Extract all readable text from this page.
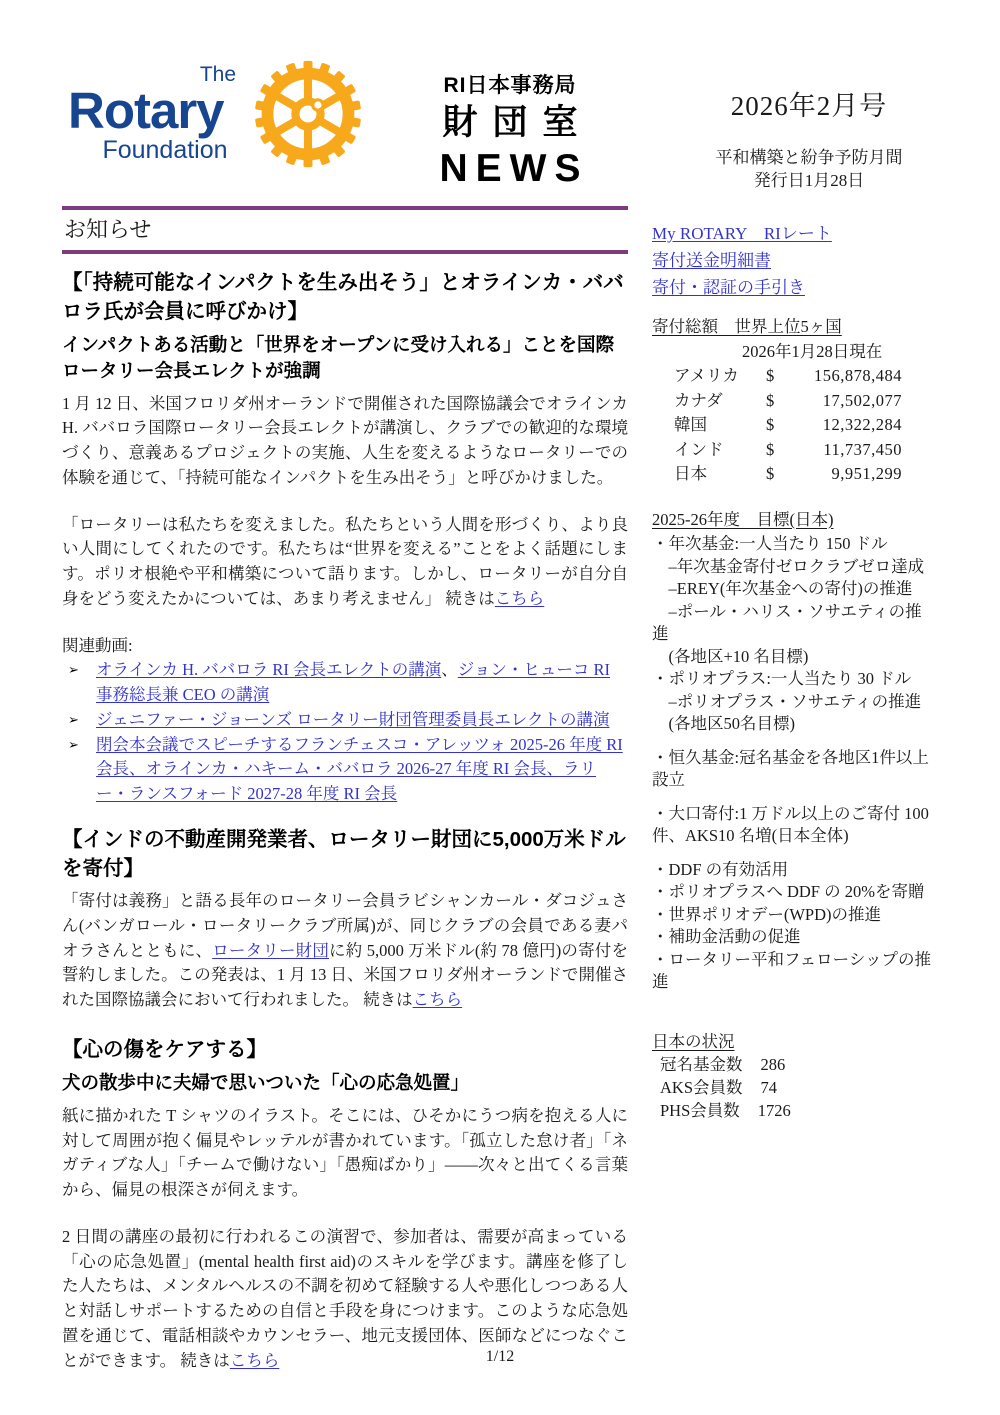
The
Rotary
Foundation
RI日本事務局
財団室
NEWS
2026年2月号
平和構築と紛争予防月間
発行日1月28日
お知らせ
【「持続可能なインパクトを生み出そう」とオラインカ・ババロラ氏が会員に呼びかけ】
インパクトある活動と「世界をオープンに受け入れる」ことを国際ロータリー会長エレクトが強調

1 月 12 日、米国フロリダ州オーランドで開催された国際協議会でオラインカ H. ババロラ国際ロータリー会長エレクトが講演し、クラブでの歓迎的な環境づくり、意義あるプロジェクトの実施、人生を変えるようなロータリーでの体験を通じて、「持続可能なインパクトを生み出そう」と呼びかけました。

「ロータリーは私たちを変えました。私たちという人間を形づくり、より良い人間にしてくれたのです。私たちは“世界を変える”ことをよく話題にします。ポリオ根絶や平和構築について語ります。しかし、ロータリーが自分自身をどう変えたかについては、あまり考えません」 続きはこちら

関連動画:

➢	オラインカ H. ババロラ RI 会長エレクトの講演、ジョン・ヒューコ RI 事務総長兼 CEO の講演
➢	ジェニファー・ジョーンズ ロータリー財団管理委員長エレクトの講演
➢	閉会本会議でスピーチするフランチェスコ・アレッツォ 2025-26 年度 RI 会長、オラインカ・ハキーム・ババロラ 2026-27 年度 RI 会長、ラリー・ランスフォード 2027-28 年度 RI 会長
【インドの不動産開発業者、ロータリー財団に5,000万米ドルを寄付】

「寄付は義務」と語る長年のロータリー会員ラビシャンカール・ダコジュさん(バンガロール・ロータリークラブ所属)が、同じクラブの会員である妻パオラさんとともに、ロータリー財団に約 5,000 万米ドル(約 78 億円)の寄付を誓約しました。この発表は、1 月 13 日、米国フロリダ州オーランドで開催された国際協議会において行われました。 続きはこちら

【心の傷をケアする】
犬の散歩中に夫婦で思いついた「心の応急処置」

紙に描かれた T シャツのイラスト。そこには、ひそかにうつ病を抱える人に対して周囲が抱く偏見やレッテルが書かれています。「孤立した怠け者」「ネガティブな人」「チームで働けない」「愚痴ばかり」――次々と出てくる言葉から、偏見の根深さが伺えます。

2 日間の講座の最初に行われるこの演習で、参加者は、需要が高まっている「心の応急処置」(mental health first aid)のスキルを学びます。講座を修了した人たちは、メンタルヘルスの不調を初めて経験する人や悪化しつつある人と対話しサポートするための自信と手段を身につけます。このような応急処置を通じて、電話相談やカウンセラー、地元支援団体、医師などにつなぐことができます。 続きはこちら

My ROTARY　RIレート
寄付送金明細書
寄付・認証の手引き
寄付総額　世界上位5ヶ国
2026年1月28日現在
アメリカ	$	156,878,484
カナダ	$	17,502,077
韓国	$	12,322,284
インド	$	11,737,450
日本	$	9,951,299
2025-26年度　目標(日本)
・年次基金:一人当たり 150 ドル
　–年次基金寄付ゼロクラブゼロ達成
　–EREY(年次基金への寄付)の推進
　–ポール・ハリス・ソサエティの推進
　(各地区+10 名目標)
・ポリオプラス:一人当たり 30 ドル
　–ポリオプラス・ソサエティの推進
　(各地区50名目標)
・恒久基金:冠名基金を各地区1件以上設立
・大口寄付:1 万ドル以上のご寄付 100 件、AKS10 名増(日本全体)
・DDF の有効活用
・ポリオプラスへ DDF の 20%を寄贈
・世界ポリオデー(WPD)の推進
・補助金活動の促進
・ロータリー平和フェローシップの推進
日本の状況
冠名基金数 286
AKS会員数 74
PHS会員数 1726
1/12
